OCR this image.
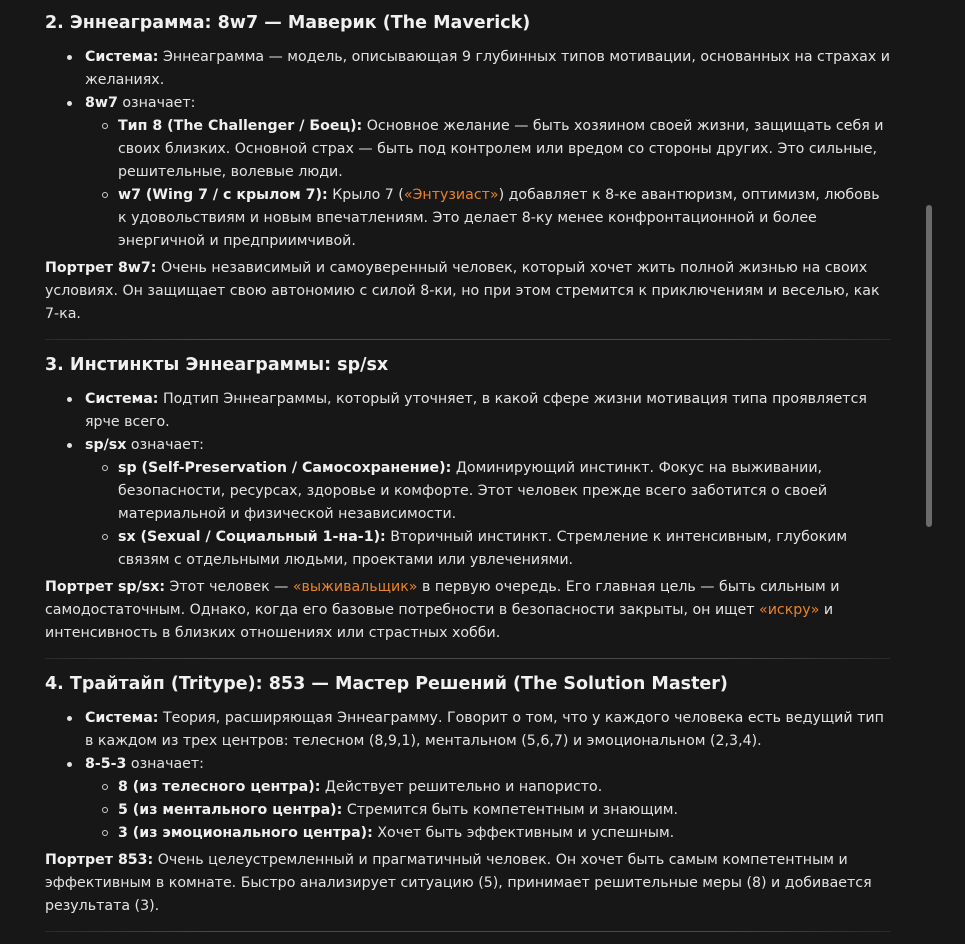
2. Эннеаграмма: 8w7 — Маверик (The Maverick)
Система: Эннеаграмма — модель, описывающая 9 глубинных типов мотивации, основанных на страхах и желаниях.
8w7 означает:
Тип 8 (The Challenger / Боец): Основное желание — быть хозяином своей жизни, защищать себя и своих близких. Основной страх — быть под контролем или вредом со стороны других. Это сильные, решительные, волевые люди.
w7 (Wing 7 / с крылом 7): Крыло 7 («Энтузиаст») добавляет к 8-ке авантюризм, оптимизм, любовь к удовольствиям и новым впечатлениям. Это делает 8-ку менее конфронтационной и более энергичной и предприимчивой.

Портрет 8w7: Очень независимый и самоуверенный человек, который хочет жить полной жизнью на своих условиях. Он защищает свою автономию с силой 8-ки, но при этом стремится к приключениям и веселью, как 7-ка.

3. Инстинкты Эннеаграммы: sp/sx
Система: Подтип Эннеаграммы, который уточняет, в какой сфере жизни мотивация типа проявляется ярче всего.
sp/sx означает:
sp (Self-Preservation / Самосохранение): Доминирующий инстинкт. Фокус на выживании, безопасности, ресурсах, здоровье и комфорте. Этот человек прежде всего заботится о своей материальной и физической независимости.
sx (Sexual / Социальный 1-на-1): Вторичный инстинкт. Стремление к интенсивным, глубоким связям с отдельными людьми, проектами или увлечениями.

Портрет sp/sx: Этот человек — «выживальщик» в первую очередь. Его главная цель — быть сильным и самодостаточным. Однако, когда его базовые потребности в безопасности закрыты, он ищет «искру» и интенсивность в близких отношениях или страстных хобби.

4. Трайтайп (Tritype): 853 — Мастер Решений (The Solution Master)
Система: Теория, расширяющая Эннеаграмму. Говорит о том, что у каждого человека есть ведущий тип в каждом из трех центров: телесном (8,9,1), ментальном (5,6,7) и эмоциональном (2,3,4).
8-5-3 означает:
8 (из телесного центра): Действует решительно и напористо.
5 (из ментального центра): Стремится быть компетентным и знающим.
3 (из эмоционального центра): Хочет быть эффективным и успешным.

Портрет 853: Очень целеустремленный и прагматичный человек. Он хочет быть самым компетентным и эффективным в комнате. Быстро анализирует ситуацию (5), принимает решительные меры (8) и добивается результата (3).
